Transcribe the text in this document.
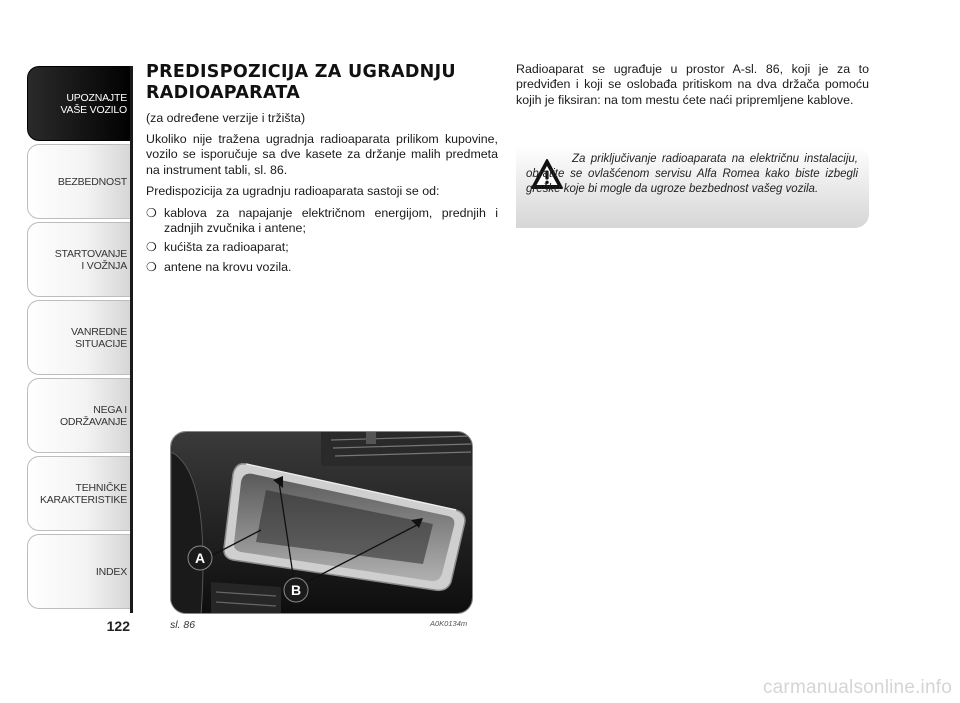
UPOZNAJTE
VAŠE VOZILO
BEZBEDNOST
STARTOVANJE
I VOŽNJA
VANREDNE
SITUACIJE
NEGA I
ODRŽAVANJE
TEHNIČKE
KARAKTERISTIKE
INDEX
122
PREDISPOZICIJA ZA UGRADNJU
RADIOAPARATA

(za određene verzije i tržišta)

Ukoliko nije tražena ugradnja radioaparata prilikom kupovine, vozilo se isporučuje sa dve kasete za držanje malih predmeta na instrument tabli, sl. 86.

Predispozicija za ugradnju radioaparata sastoji se od:

❍ kablova za napajanje električnom energijom, prednjih i zadnjih zvučnika i antene;
❍ kućišta za radioaparat;
❍ antene na krovu vozila.

Radioaparat se ugrađuje u prostor A-sl. 86, koji je za to predviđen i koji se oslobađa pritiskom na dva držača pomoću kojih je fiksiran: na tom mestu ćete naći pripremljene kablove.

Za priključivanje radioaparata na električnu instalaciju, obratite se ovlašćenom servisu Alfa Romea kako biste izbegli greške koje bi mogle da ugroze bezbednost vašeg vozila.

A
B
sl. 86	A0K0134m
carmanualsonline.info
